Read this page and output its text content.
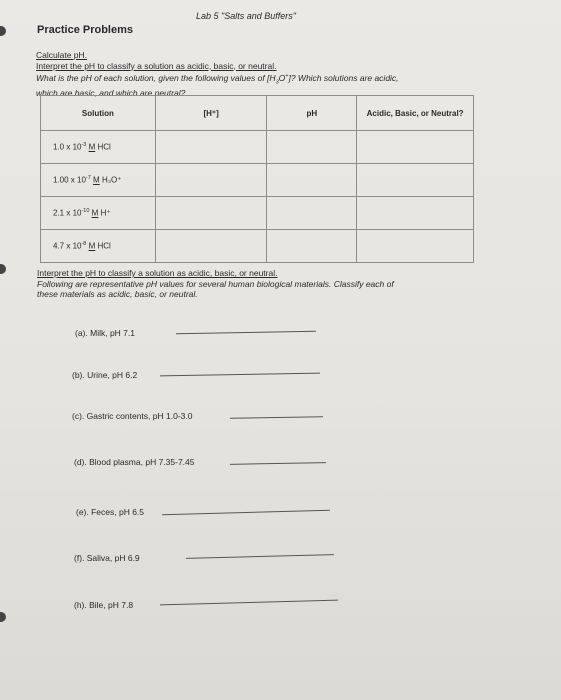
Lab 5 "Salts and Buffers"
Practice Problems
Calculate pH.
Interpret the pH to classify a solution as acidic, basic, or neutral.
What is the pH of each solution, given the following values of $[H_3O^+]$? Which solutions are acidic,
which are basic, and which are neutral?
Solution	[H⁺]	pH	Acidic, Basic, or Neutral?
1.0 x $10^{-3}$ M HCl			
1.00 x $10^{-7}$ M H₃O⁺			
2.1 x $10^{-10}$ M H⁺			
4.7 x $10^{-8}$ M HCl			
Interpret the pH to classify a solution as acidic, basic, or neutral.
Following are representative pH values for several human biological materials. Classify each of
these materials as acidic, basic, or neutral.
(a). Milk, pH 7.1
(b). Urine, pH 6.2
(c). Gastric contents, pH 1.0-3.0
(d). Blood plasma, pH 7.35-7.45
(e). Feces, pH 6.5
(f). Saliva, pH 6.9
(h). Bile, pH 7.8
